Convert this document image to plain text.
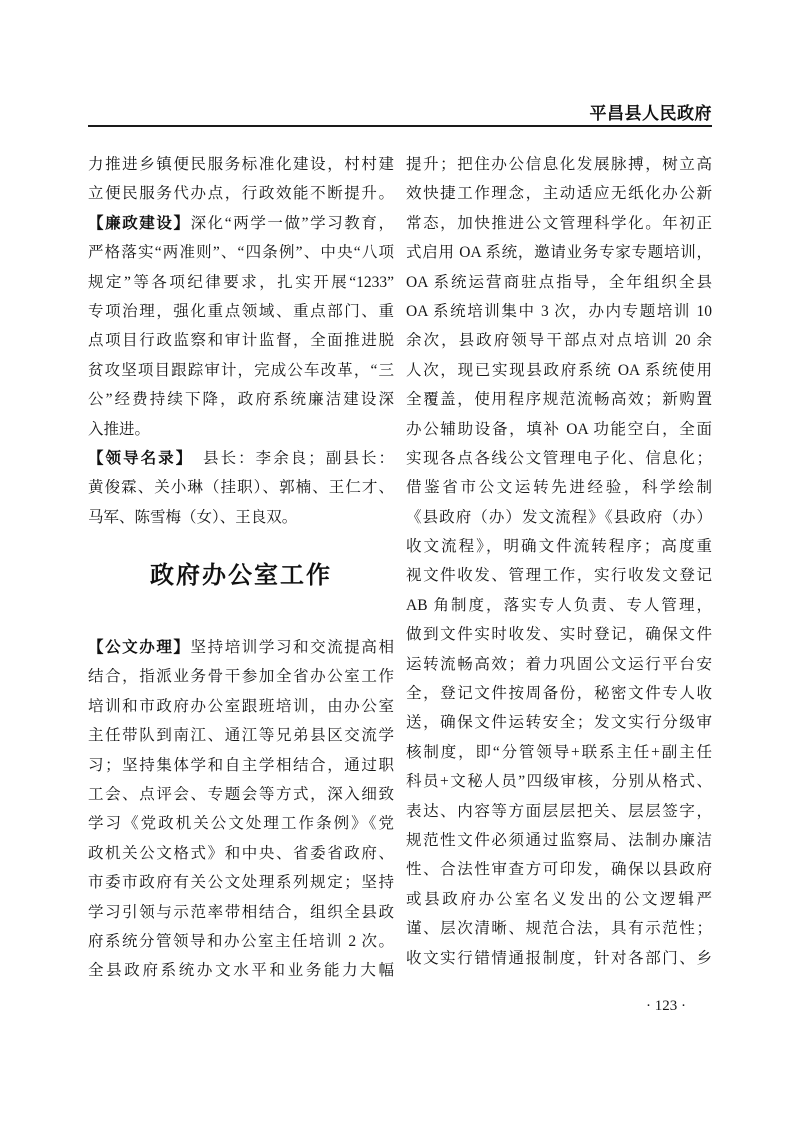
平昌县人民政府
力推进乡镇便民服务标准化建设，村村建
立便民服务代办点，行政效能不断提升。
【廉政建设】深化“两学一做”学习教育，
严格落实“两准则”、“四条例”、中央“八项
规定”等各项纪律要求，扎实开展“1233”
专项治理，强化重点领域、重点部门、重
点项目行政监察和审计监督，全面推进脱
贫攻坚项目跟踪审计，完成公车改革，“三
公”经费持续下降，政府系统廉洁建设深
入推进。
【领导名录】　县长：李余良；副县长：
黄俊霖、关小琳（挂职）、郭楠、王仁才、
马军、陈雪梅（女）、王良双。
政府办公室工作
【公文办理】坚持培训学习和交流提高相
结合，指派业务骨干参加全省办公室工作
培训和市政府办公室跟班培训，由办公室
主任带队到南江、通江等兄弟县区交流学
习；坚持集体学和自主学相结合，通过职
工会、点评会、专题会等方式，深入细致
学习《党政机关公文处理工作条例》《党
政机关公文格式》和中央、省委省政府、
市委市政府有关公文处理系列规定；坚持
学习引领与示范率带相结合，组织全县政
府系统分管领导和办公室主任培训 2 次。
全县政府系统办文水平和业务能力大幅
提升；把住办公信息化发展脉搏，树立高
效快捷工作理念，主动适应无纸化办公新
常态，加快推进公文管理科学化。年初正
式启用 OA 系统，邀请业务专家专题培训，
OA 系统运营商驻点指导，全年组织全县
OA 系统培训集中 3 次，办内专题培训 10
余次，县政府领导干部点对点培训 20 余
人次，现已实现县政府系统 OA 系统使用
全覆盖，使用程序规范流畅高效；新购置
办公辅助设备，填补 OA 功能空白，全面
实现各点各线公文管理电子化、信息化；
借鉴省市公文运转先进经验，科学绘制
《县政府（办）发文流程》《县政府（办）
收文流程》，明确文件流转程序；高度重
视文件收发、管理工作，实行收发文登记
AB 角制度，落实专人负责、专人管理，
做到文件实时收发、实时登记，确保文件
运转流畅高效；着力巩固公文运行平台安
全，登记文件按周备份，秘密文件专人收
送，确保文件运转安全；发文实行分级审
核制度，即“分管领导+联系主任+副主任
科员+文秘人员”四级审核，分别从格式、
表达、内容等方面层层把关、层层签字，
规范性文件必须通过监察局、法制办廉洁
性、合法性审查方可印发，确保以县政府
或县政府办公室名义发出的公文逻辑严
谨、层次清晰、规范合法，具有示范性；
收文实行错情通报制度，针对各部门、乡
· 123 ·
